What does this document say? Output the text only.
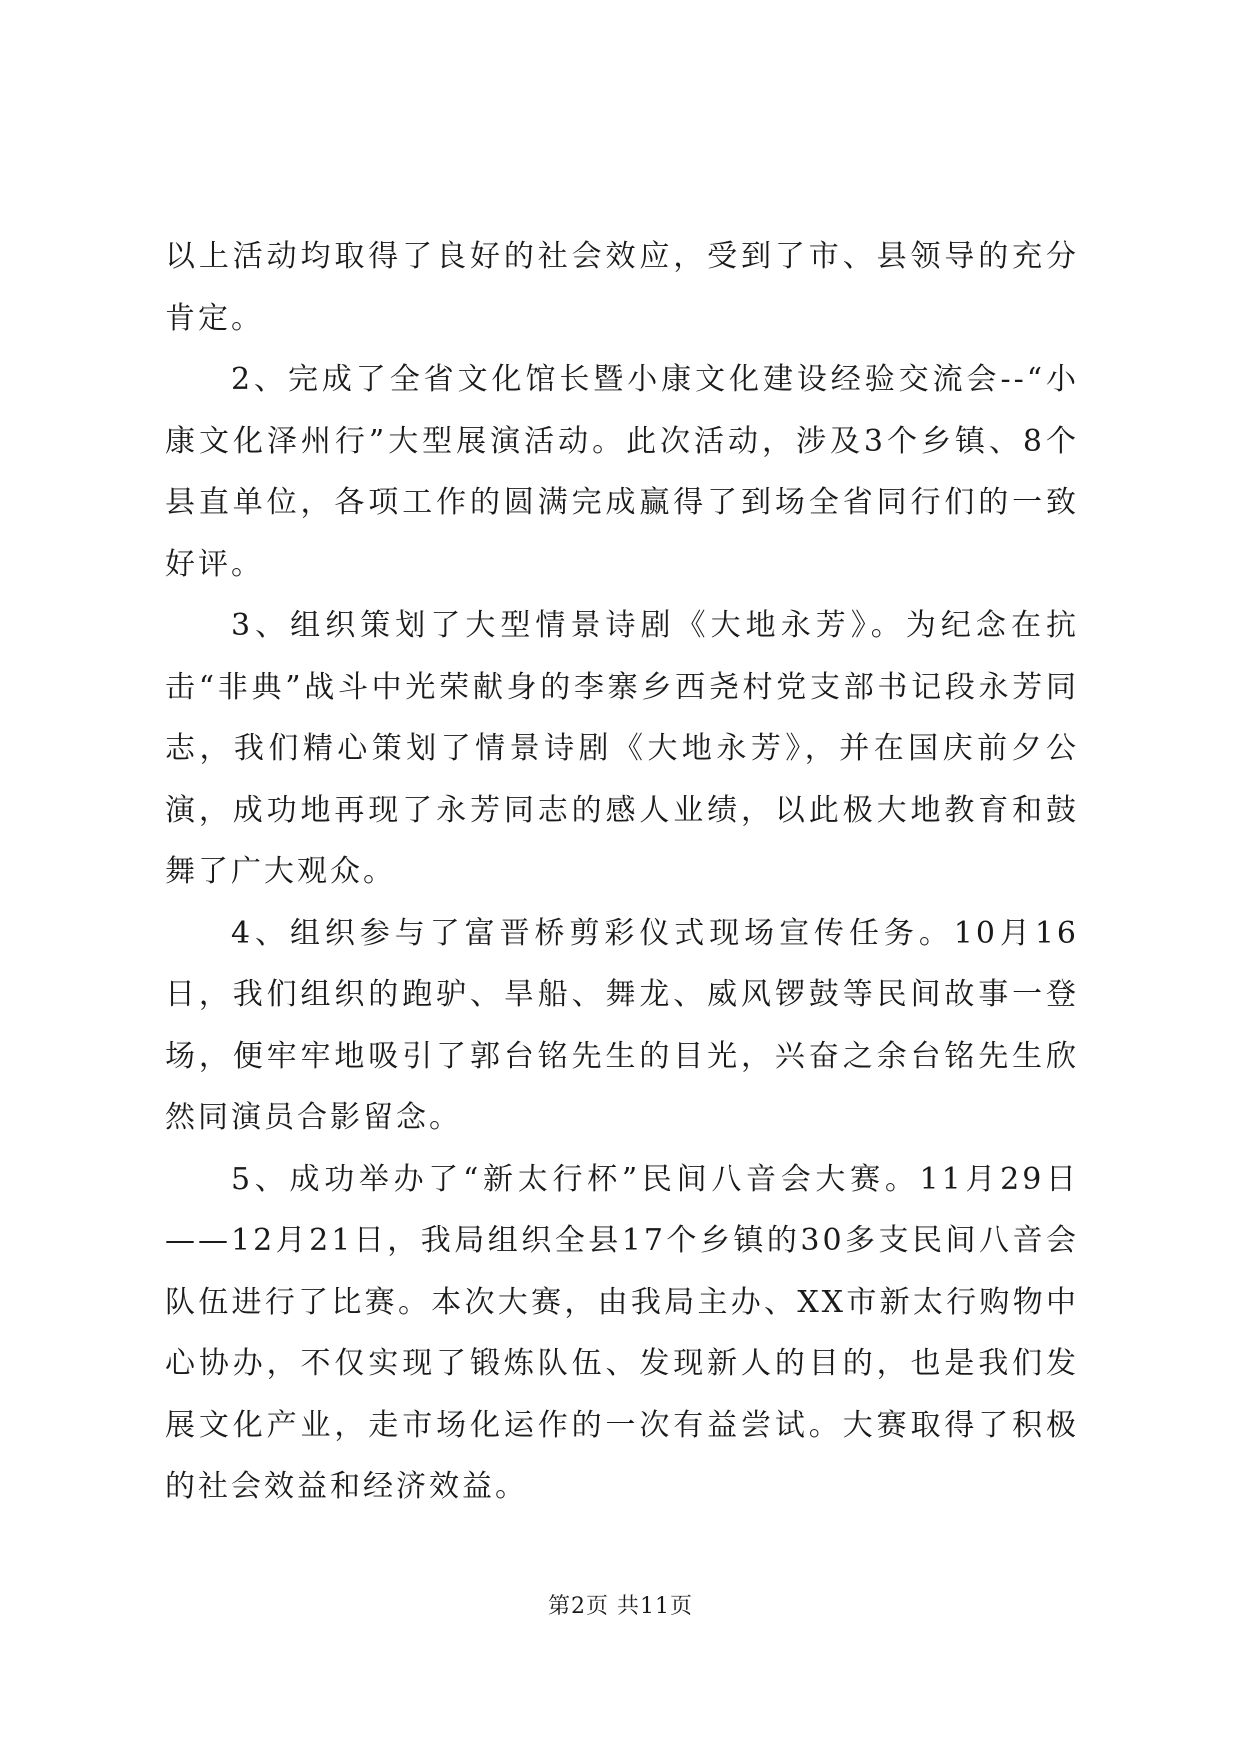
以上活动均取得了良好的社会效应，受到了市、县领导的充分肯定。

2、完成了全省文化馆长暨小康文化建设经验交流会--“小康文化泽州行”大型展演活动。此次活动，涉及3个乡镇、8个县直单位，各项工作的圆满完成赢得了到场全省同行们的一致好评。

3、组织策划了大型情景诗剧《大地永芳》。为纪念在抗击“非典”战斗中光荣献身的李寨乡西尧村党支部书记段永芳同志，我们精心策划了情景诗剧《大地永芳》，并在国庆前夕公演，成功地再现了永芳同志的感人业绩，以此极大地教育和鼓舞了广大观众。

4、组织参与了富晋桥剪彩仪式现场宣传任务。10月16日，我们组织的跑驴、旱船、舞龙、威风锣鼓等民间故事一登场，便牢牢地吸引了郭台铭先生的目光，兴奋之余台铭先生欣然同演员合影留念。

5、成功举办了“新太行杯”民间八音会大赛。11月29日——12月21日，我局组织全县17个乡镇的30多支民间八音会队伍进行了比赛。本次大赛，由我局主办、XX市新太行购物中心协办，不仅实现了锻炼队伍、发现新人的目的，也是我们发展文化产业，走市场化运作的一次有益尝试。大赛取得了积极的社会效益和经济效益。

第2页 共11页
